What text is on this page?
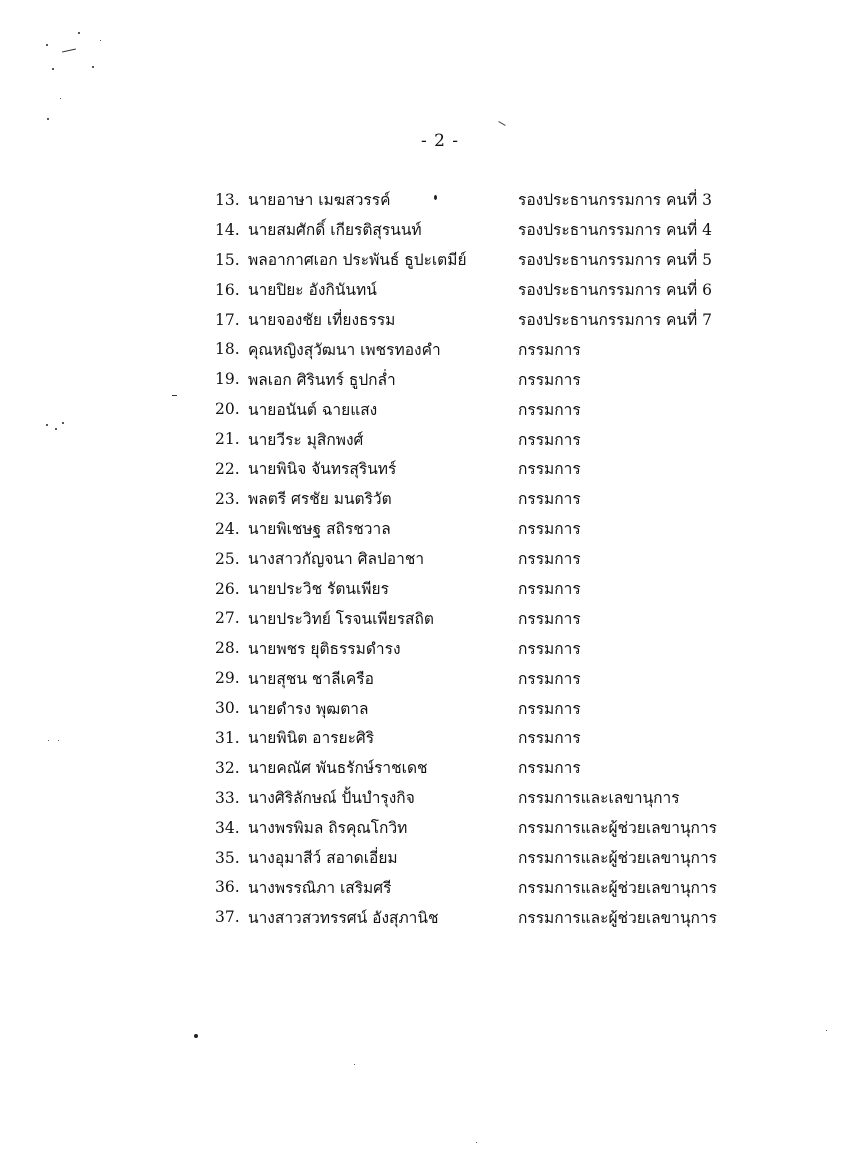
- 2 -
13. นายอาษา เมฆสวรรค์	รองประธานกรรมการ คนที่ 3
14. นายสมศักดิ์ เกียรติสุรนนท์	รองประธานกรรมการ คนที่ 4
15. พลอากาศเอก ประพันธ์ ธูปะเตมีย์	รองประธานกรรมการ คนที่ 5
16. นายปิยะ อังกินันทน์	รองประธานกรรมการ คนที่ 6
17. นายจองชัย เที่ยงธรรม	รองประธานกรรมการ คนที่ 7
18. คุณหญิงสุวัฒนา เพชรทองคำ	กรรมการ
19. พลเอก ศิรินทร์ ธูปกล่ำ	กรรมการ
20. นายอนันต์ ฉายแสง	กรรมการ
21. นายวีระ มุสิกพงศ์	กรรมการ
22. นายพินิจ จันทรสุรินทร์	กรรมการ
23. พลตรี ศรชัย มนตริวัต	กรรมการ
24. นายพิเชษฐ สถิรชวาล	กรรมการ
25. นางสาวกัญจนา ศิลปอาชา	กรรมการ
26. นายประวิช รัตนเพียร	กรรมการ
27. นายประวิทย์ โรจนเพียรสถิต	กรรมการ
28. นายพชร ยุติธรรมดำรง	กรรมการ
29. นายสุชน ชาลีเครือ	กรรมการ
30. นายดำรง พุฒตาล	กรรมการ
31. นายพินิต อารยะศิริ	กรรมการ
32. นายคณัศ พันธรักษ์ราชเดช	กรรมการ
33. นางศิริลักษณ์ ปั้นบำรุงกิจ	กรรมการและเลขานุการ
34. นางพรพิมล ถิรคุณโกวิท	กรรมการและผู้ช่วยเลขานุการ
35. นางอุมาสีว์ สอาดเอี่ยม	กรรมการและผู้ช่วยเลขานุการ
36. นางพรรณิภา เสริมศรี	กรรมการและผู้ช่วยเลขานุการ
37. นางสาวสวทรรศน์ อังสุภานิช	กรรมการและผู้ช่วยเลขานุการ
